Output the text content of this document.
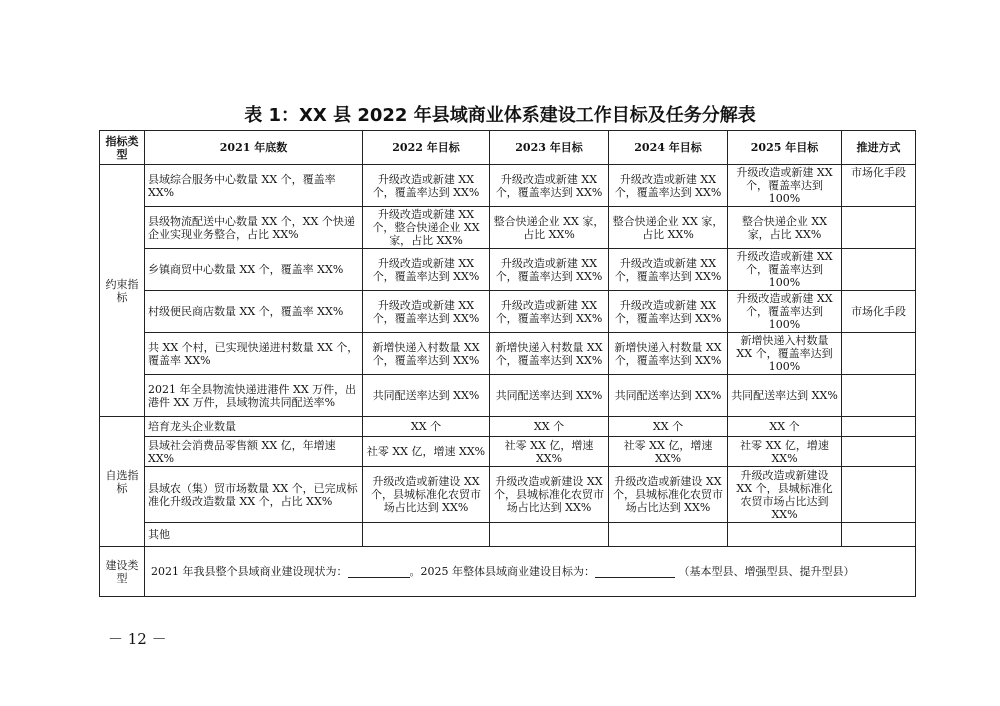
表 1：XX 县 2022 年县域商业体系建设工作目标及任务分解表
指标类型	2021 年底数	2022 年目标	2023 年目标	2024 年目标	2025 年目标	推进方式
约束指标	县域综合服务中心数量 XX 个，覆盖率 XX%	升级改造或新建 XX 个，覆盖率达到 XX%	升级改造或新建 XX 个，覆盖率达到 XX%	升级改造或新建 XX 个，覆盖率达到 XX%	升级改造或新建 XX 个，覆盖率达到 100%	市场化手段
	县级物流配送中心数量 XX 个，XX 个快递企业实现业务整合，占比 XX%	升级改造或新建 XX 个，整合快递企业 XX 家，占比 XX%	整合快递企业 XX 家，占比 XX%	整合快递企业 XX 家，占比 XX%	整合快递企业 XX 家，占比 XX%	
	乡镇商贸中心数量 XX 个，覆盖率 XX%	升级改造或新建 XX 个，覆盖率达到 XX%	升级改造或新建 XX 个，覆盖率达到 XX%	升级改造或新建 XX 个，覆盖率达到 XX%	升级改造或新建 XX 个，覆盖率达到 100%	
	村级便民商店数量 XX 个，覆盖率 XX%	升级改造或新建 XX 个，覆盖率达到 XX%	升级改造或新建 XX 个，覆盖率达到 XX%	升级改造或新建 XX 个，覆盖率达到 XX%	升级改造或新建 XX 个，覆盖率达到 100%	市场化手段
	共 XX 个村，已实现快递进村数量 XX 个，覆盖率 XX%	新增快递入村数量 XX 个，覆盖率达到 XX%	新增快递入村数量 XX 个，覆盖率达到 XX%	新增快递入村数量 XX 个，覆盖率达到 XX%	新增快递入村数量 XX 个，覆盖率达到 100%	
	2021 年全县物流快递进港件 XX 万件，出港件 XX 万件，县域物流共同配送率%	共同配送率达到 XX%	共同配送率达到 XX%	共同配送率达到 XX%	共同配送率达到 XX%	
自选指标	培育龙头企业数量	XX 个	XX 个	XX 个	XX 个	
	县域社会消费品零售额 XX 亿，年增速 XX%	社零 XX 亿，增速 XX%	社零 XX 亿，增速 XX%	社零 XX 亿，增速 XX%	社零 XX 亿，增速 XX%	
	县域农（集）贸市场数量 XX 个，已完成标准化升级改造数量 XX 个，占比 XX%	升级改造或新建设 XX 个，县城标准化农贸市场占比达到 XX%	升级改造或新建设 XX 个，县城标准化农贸市场占比达到 XX%	升级改造或新建设 XX 个，县城标准化农贸市场占比达到 XX%	升级改造或新建设 XX 个，县城标准化农贸市场占比达到 XX%	
	其他					
建设类型	2021 年我县整个县域商业建设现状为： 。2025 年整体县域商业建设目标为： （基本型县、增强型县、提升型县）					
－ 12 －
